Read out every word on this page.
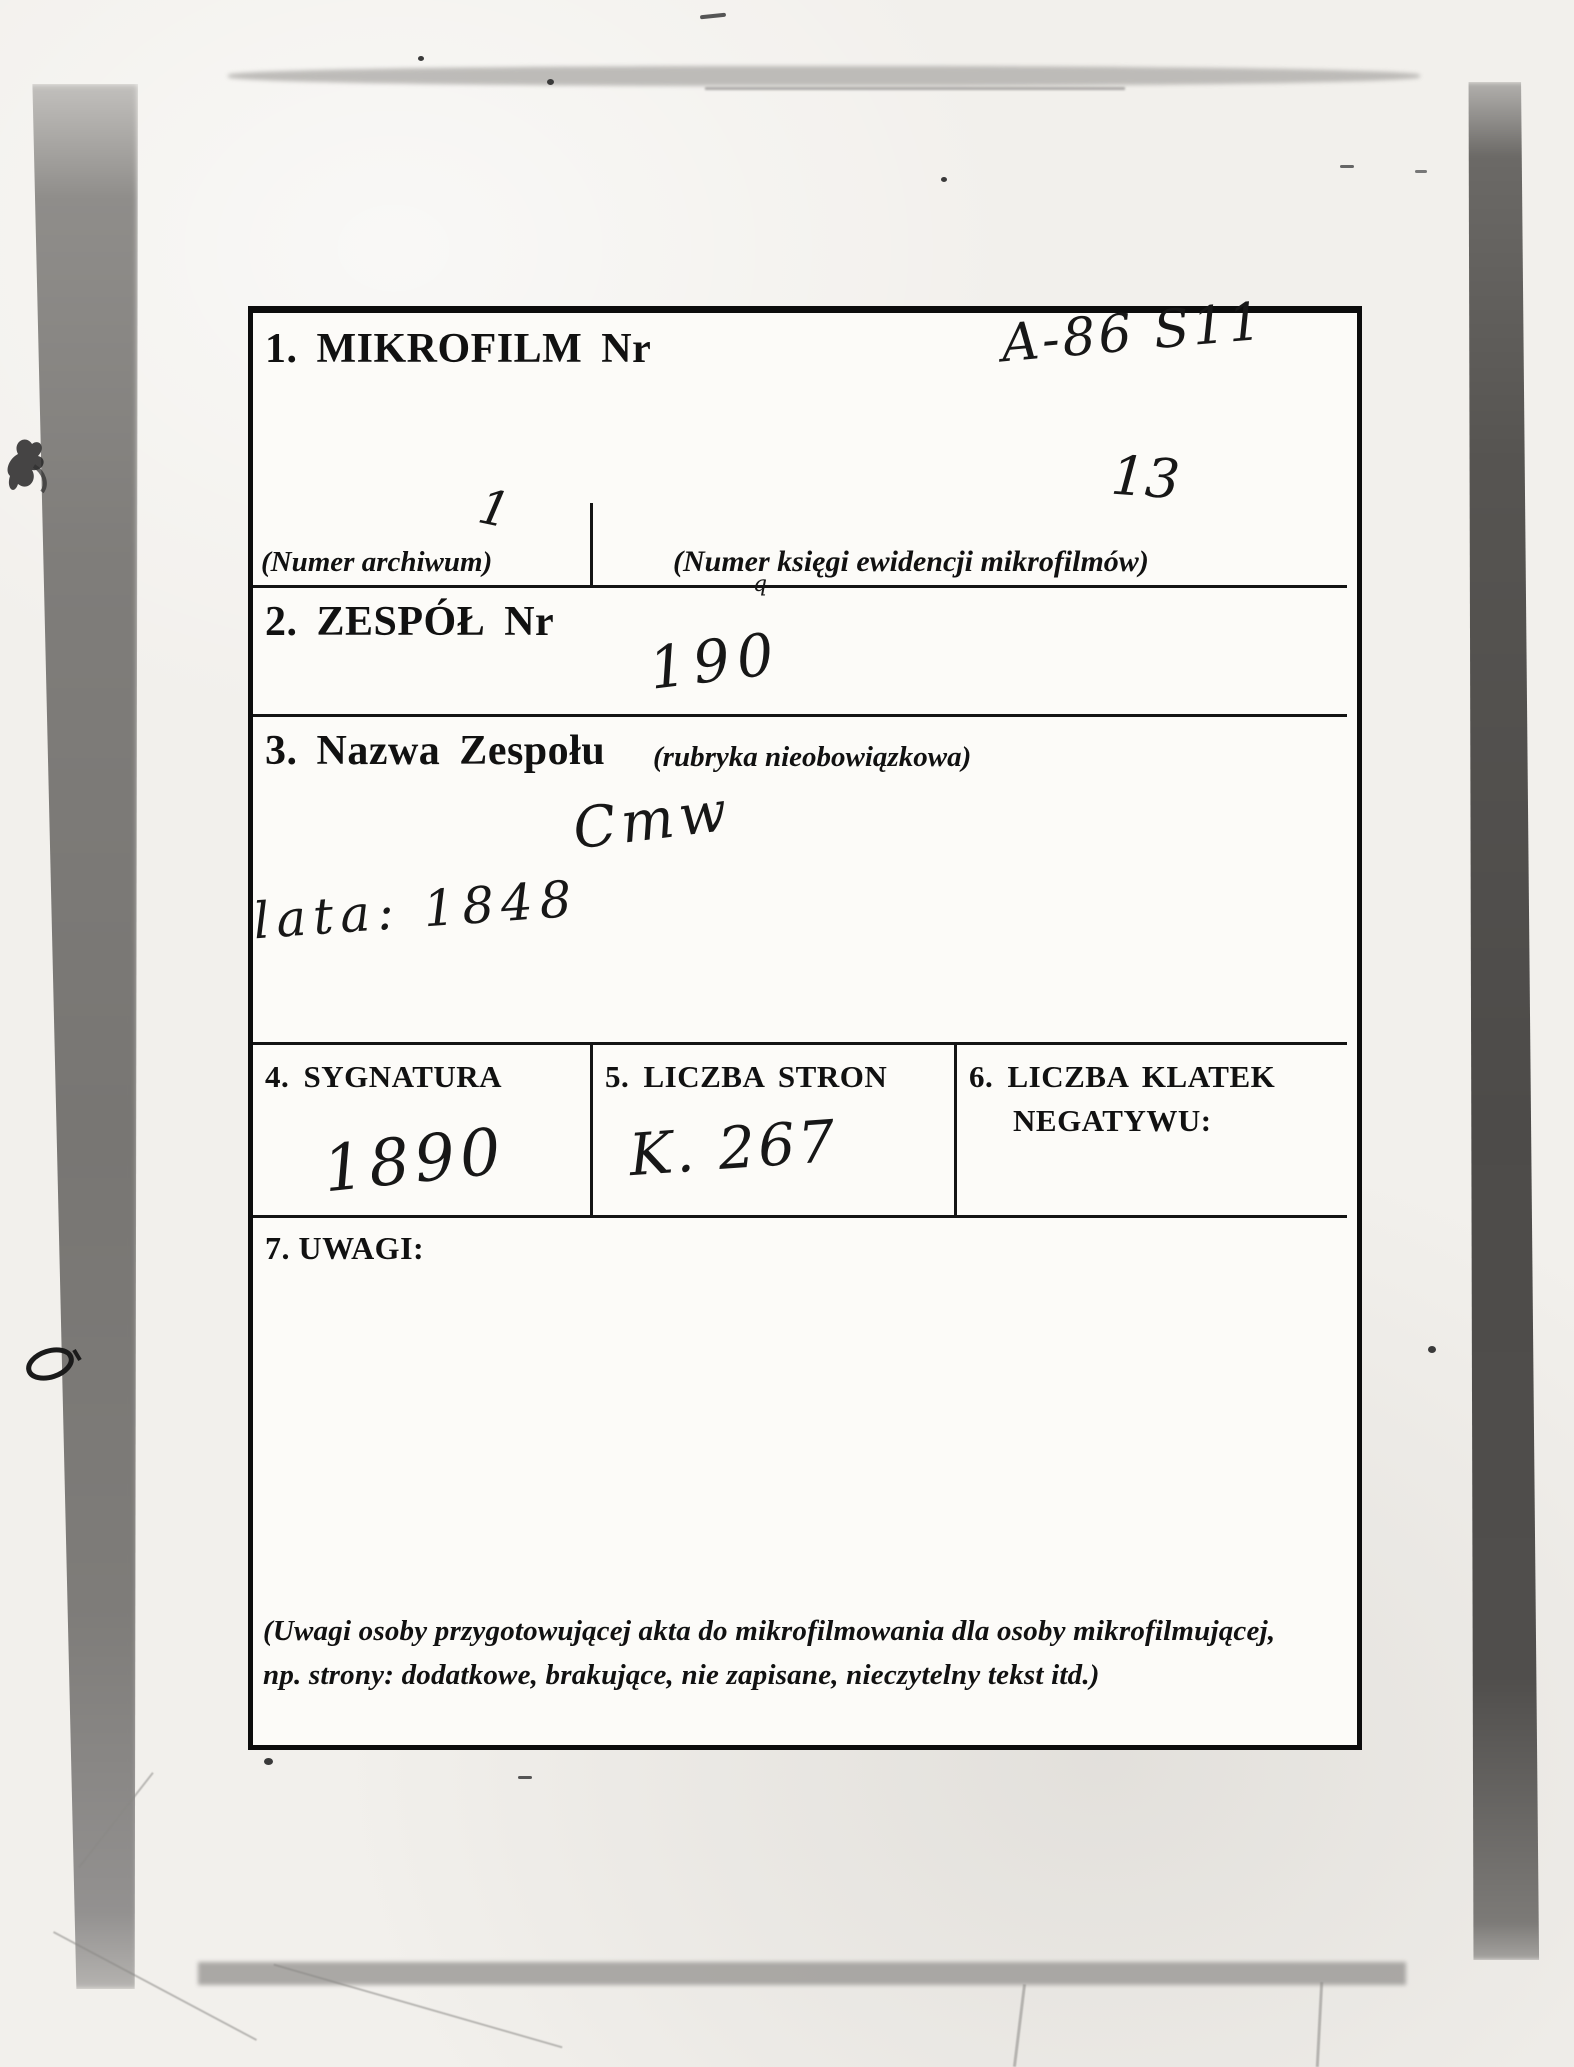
1. MIKROFILM Nr	A-86 S11
1	13
(Numer archiwum)	(Numer księgi ewidencji mikrofilmów)
2. ZESPÓŁ Nr 190
q
3. Nazwa Zespołu (rubryka nieobowiązkowa)
Cmw
lata: 1848
4. SYGNATURA
1890
5. LICZBA STRON
K. 267
6. LICZBA KLATEK
NEGATYWU:
7. UWAGI:
(Uwagi osoby przygotowującej akta do mikrofilmowania dla osoby mikrofilmującej,
np. strony: dodatkowe, brakujące, nie zapisane, nieczytelny tekst itd.)
